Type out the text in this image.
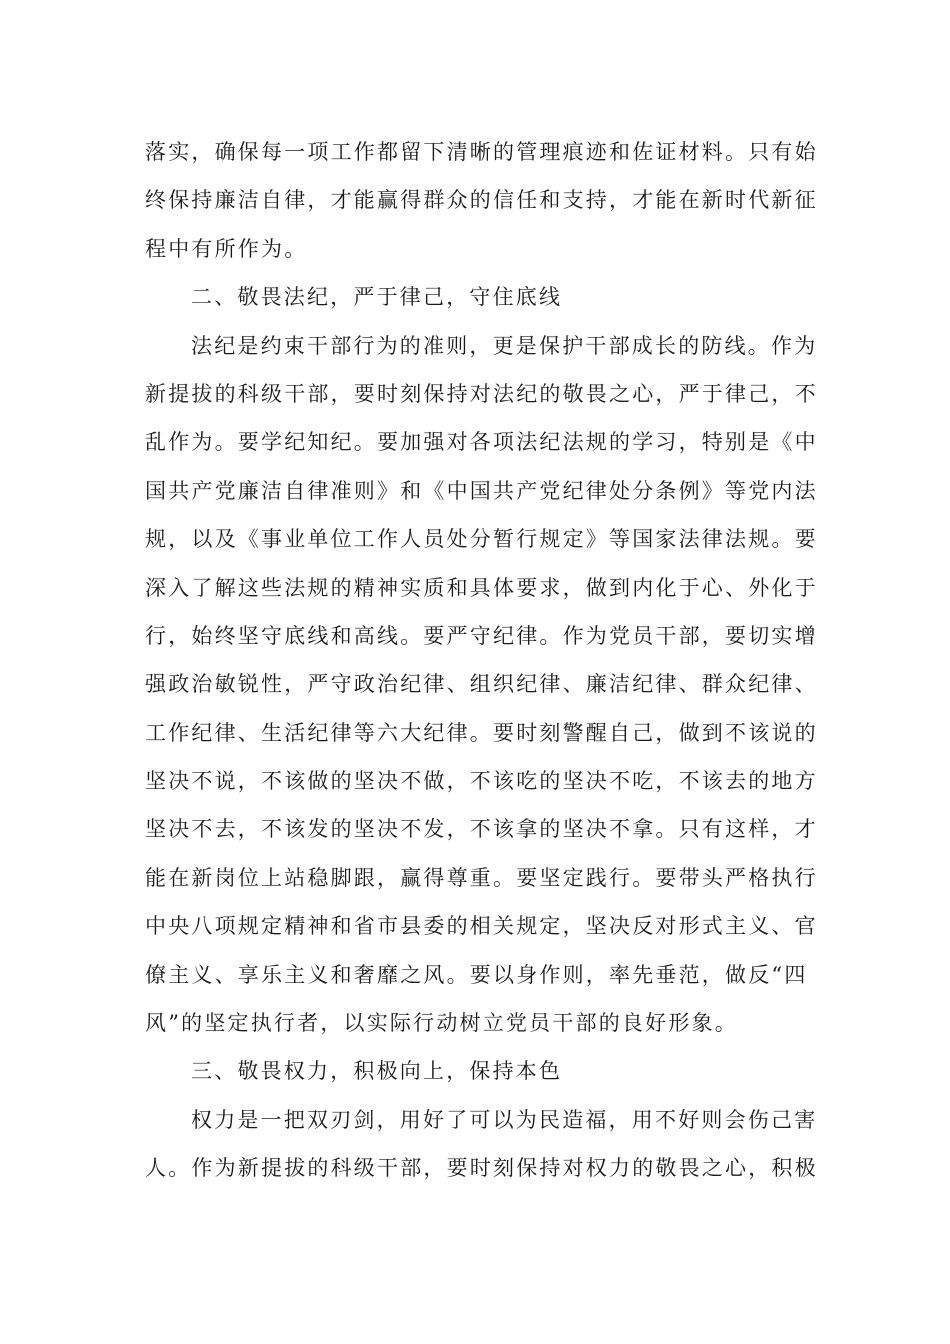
落实，确保每一项工作都留下清晰的管理痕迹和佐证材料。只有始
终保持廉洁自律，才能赢得群众的信任和支持，才能在新时代新征
程中有所作为。
二、敬畏法纪，严于律己，守住底线
法纪是约束干部行为的准则，更是保护干部成长的防线。作为
新提拔的科级干部，要时刻保持对法纪的敬畏之心，严于律己，不
乱作为。要学纪知纪。要加强对各项法纪法规的学习，特别是《中
国共产党廉洁自律准则》和《中国共产党纪律处分条例》等党内法
规，以及《事业单位工作人员处分暂行规定》等国家法律法规。要
深入了解这些法规的精神实质和具体要求，做到内化于心、外化于
行，始终坚守底线和高线。要严守纪律。作为党员干部，要切实增
强政治敏锐性，严守政治纪律、组织纪律、廉洁纪律、群众纪律、
工作纪律、生活纪律等六大纪律。要时刻警醒自己，做到不该说的
坚决不说，不该做的坚决不做，不该吃的坚决不吃，不该去的地方
坚决不去，不该发的坚决不发，不该拿的坚决不拿。只有这样，才
能在新岗位上站稳脚跟，赢得尊重。要坚定践行。要带头严格执行
中央八项规定精神和省市县委的相关规定，坚决反对形式主义、官
僚主义、享乐主义和奢靡之风。要以身作则，率先垂范，做反“四
风”的坚定执行者，以实际行动树立党员干部的良好形象。
三、敬畏权力，积极向上，保持本色
权力是一把双刃剑，用好了可以为民造福，用不好则会伤己害
人。作为新提拔的科级干部，要时刻保持对权力的敬畏之心，积极
